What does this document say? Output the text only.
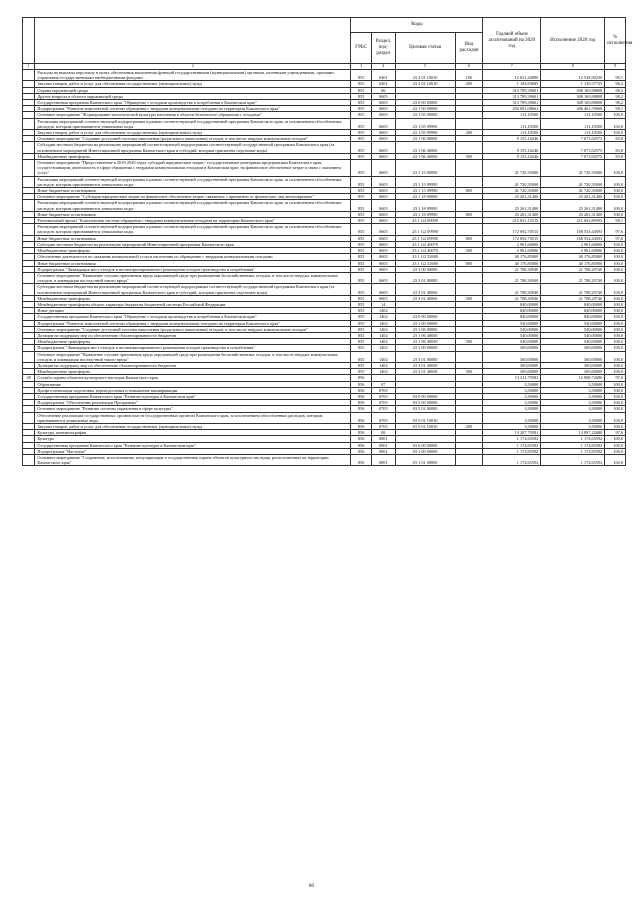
		Коды				Годовой объем ассигнований на 2020 год	Исполнение 2020 год	% исполнения
		ГРБС	Раздел, под-раздел	Целевая статья	Вид расходов			
1	2	3	4	5	6	7	8	9
	Расходы на выплаты персоналу в целях обеспечения выполнения функций государственными (муниципальными) органами, казенными учреждениями, органами управления государственными внебюджетными фондами	855	0401	23 2 01 10010	100	12 651,44800	12 538,90230	99,1
	Закупка товаров, работ и услуг для обеспечения государственных (муниципальных) нужд	855	0401	23 2 01 10010	200	1 184,83685	1 139,37735	96,2
	Охрана окружающей среды	855	06			313 789,39601	308 169,88808	98,2
	Другие вопросы в области окружающей среды	855	0605			313 789,39601	308 169,88808	98,2
	Государственная программа Камчатского края "Обращение с отходами производства и потребления в Камчатском крае"	855	0605	23 0 00 00000		313 789,39601	308 169,88808	98,2
	Подпрограмма "Развитие комплексной системы обращения с твердыми коммунальными отходами на территории Камчатского края"	855	0605	23 1 00 00000		292 081,08661	286 461,59068	98,1
	Основное мероприятие "Формирование экологической культуры населения в области безопасного обращения с отходами"	855	0605	23 1 05 00000		113,10500	113,10500	100,0
	Реализация мероприятий соответствующей подпрограммы в рамках соответствующей государственной программы Камчатского края, за исключением обособленных расходов, которым присваиваются уникальные коды	855	0605	23 1 05 09990		113,10500	113,10500	100,0
	Закупка товаров, работ и услуг для обеспечения государственных (муниципальных) нужд	855	0605	23 1 05 09990	200	113,10500	113,10500	100,0
	Основное мероприятие "Создание доступной системы накопления (раздельного накопления) отходов, в том числе твердых коммунальных отходов"	855	0605	23 1 06 00000		9 155,16246	7 673,92575	83,8
	Субсидии местным бюджетам на реализацию мероприятий соответствующей подпрограммы соответствующей государственной программы Камчатского края (за исключением мероприятий Инвестиционной программы Камчатского края и субсидий, которым присвоены отдельные коды)	855	0605	23 1 06 40060		9 155,16246	7 673,92575	83,8
	Межбюджетные трансферты	855	0605	23 1 06 40060	500	9 155,16246	7 673,92575	83,8
	Основное мероприятие "Предоставление в 2019-2020 годах субсидий юридическим лицам - государственным унитарным предприятиям Камчатского края, осуществляющим деятельность в сфере обращения с твердыми коммунальными отходами в Камчатском крае, на финансовое обеспечение затрат в связи с оказанием услуг"	855	0605	23 1 15 00000		41 720,35000	41 720,35000	100,0
	Реализация мероприятий соответствующей подпрограммы в рамках соответствующей государственной программы Камчатского края, за исключением обособленных расходов, которым присваиваются уникальные коды	855	0605	23 1 15 09990		41 720,35000	41 720,35000	100,0
	Иные бюджетные ассигнования	855	0605	23 1 15 09990	800	41 720,35000	41 720,35000	100,0
	Основное мероприятие "Субсидия юридическим лицам на финансовое обеспечение затрат, связанных с принятием от физических лиц автопокрышек"	855	0605	23 1 18 00000		25 261,31400	25 261,31400	100,0
	Реализация мероприятий соответствующей подпрограммы в рамках соответствующей государственной программы Камчатского края, за исключением обособленных расходов, которым присваиваются уникальные коды	855	0605	23 1 18 09990		25 261,31400	25 261,31400	100,0
	Иные бюджетные ассигнования	855	0605	23 1 18 09990	800	25 261,31400	25 261,31400	100,0
	Региональный проект "Комплексная система обращения с твердыми коммунальными отходами на территории Камчатского края"	855	0605	23 1 G2 00000		215 831,15515	211 692,89593	98,1
	Реализация мероприятий соответствующей подпрограммы в рамках соответствующей государственной программы Камчатского края, за исключением обособленных расходов, которым присваиваются уникальные коды	855	0605	23 1 G2 09990		172 692,70515	168 554,44593	97,6
	Иные бюджетные ассигнования	855	0605	23 1 G2 09990	800	172 692,70515	168 554,44593	97,6
	Субсидии местным бюджетам на реализацию мероприятий Инвестиционной программы Камчатского края	855	0605	23 1 G2 40070		2 961,60000	2 961,60000	100,0
	Межбюджетные трансферты	855	0605	23 1 G2 40070	500	2 961,60000	2 961,60000	100,0
	Обеспечение деятельности по оказанию коммунальной услуги населению по обращению с твердыми коммунальными отходами	855	0605	23 1 G2 52680		40 176,85000	40 176,85000	100,0
	Иные бюджетные ассигнования	855	0605	23 1 G2 52680	800	40 176,85000	40 176,85000	100,0
	Подпрограмма "Ликвидация мест отходов и несанкционированного размещения отходов производства и потребления"	855	0605	23 3 00 00000		21 708,30940	21 708,29740	100,0
	Основное мероприятие "Выявление случаев причинения вреда окружающей среде при размещении бесхозяйственных отходов, в том числе твердых коммунальных отходов, и ликвидация последствий такого вреда"	855	0605	23 3 01 00000		21 708,30940	21 708,29740	100,0
	Субсидии местным бюджетам на реализацию мероприятий соответствующей подпрограммы соответствующей государственной программы Камчатского края (за исключением мероприятий Инвестиционной программы Камчатского края и субсидий, которым присвоены отдельные коды)	855	0605	23 3 01 40060		21 708,30940	21 708,29740	100,0
	Межбюджетные трансферты	855	0605	23 3 01 40060	500	21 708,30940	21 708,29740	100,0
	Межбюджетные трансферты общего характера бюджетам бюджетной системы Российской Федерации	855	14			840,00000	840,00000	100,0
	Иные дотации	855	1402			840,00000	840,00000	100,0
	Государственная программа Камчатского края "Обращение с отходами производства и потребления в Камчатском крае"	855	1402	23 0 00 00000		840,00000	840,00000	100,0
	Подпрограмма "Развитие комплексной системы обращения с твердыми коммунальными отходами на территории Камчатского края"	855	1402	23 1 00 00000		540,00000	540,00000	100,0
	Основное мероприятие "Создание доступной системы накопления (раздельного накопления) отходов, в том числе твердых коммунальных отходов"	855	1402	23 1 06 00000		540,00000	540,00000	100,0
	Дотации на поддержку мер по обеспечению сбалансированности бюджетов	855	1402	23 1 06 40030		540,00000	540,00000	100,0
	Межбюджетные трансферты	855	1402	23 1 06 40030	500	540,00000	540,00000	100,0
	Подпрограмма "Ликвидация мест отходов и несанкционированного размещения отходов производства и потребления"	855	1402	23 3 00 00000		300,00000	300,00000	100,0
	Основное мероприятие "Выявление случаев причинения вреда окружающей среде при размещении бесхозяйственных отходов, в том числе твердых коммунальных отходов, и ликвидация последствий такого вреда"	855	1402	23 3 01 00000		300,00000	300,00000	100,0
	Дотации на поддержку мер по обеспечению сбалансированности бюджетов	855	1402	23 3 01 40030		300,00000	300,00000	100,0
	Межбюджетные трансферты	855	1402	23 3 01 40030	500	300,00000	300,00000	100,0
38	Служба охраны объектов культурного наследия Камчатского края	856				13 211,79581	12 908,72680	97,6
	Образование	856	07			3,50000	3,50000	100,0
	Профессиональная подготовка, переподготовка и повышение квалификации	856	0705			3,50000	3,50000	100,0
	Государственная программа Камчатского края "Развитие культуры в Камчатском крае"	856	0705	03 0 00 00000		3,50000	3,50000	100,0
	Подпрограмма "Обеспечение реализации Программы"	856	0705	03 5 00 00000		3,50000	3,50000	100,0
	Основное мероприятие "Развитие системы управления в сфере культуры"	856	0705	03 5 01 00000		3,50000	3,50000	100,0
	Обеспечение реализации государственных органов власти (государственных органов) Камчатского края, за исключением обособленных расходов, которым присваиваются уникальные коды	856	0705	03 5 01 10010		3,50000	3,50000	100,0
	Закупка товаров, работ и услуг для обеспечения государственных (муниципальных) нужд	856	0705	03 5 01 10010	200	3,50000	3,50000	100,0
	Культура, кинематография	856	08			13 207,79581	12 897,22680	97,6
	Культура	856	0801			1 174,65592	1 174,65592	100,0
	Государственная программа Камчатского края "Развитие культуры в Камчатском крае"	856	0801	03 0 00 00000		1 174,65592	1 174,65592	100,0
	Подпрограмма "Наследие"	856	0801	03 1 00 00000		1 174,65592	1 174,65592	100,0
	Основное мероприятие "Сохранение, использование, популяризация и государственная охрана объектов культурного наследия, расположенных на территории Камчатского края"	856	0801	03 1 01 00000		1 174,65592	1 174,65592	100,0
80
